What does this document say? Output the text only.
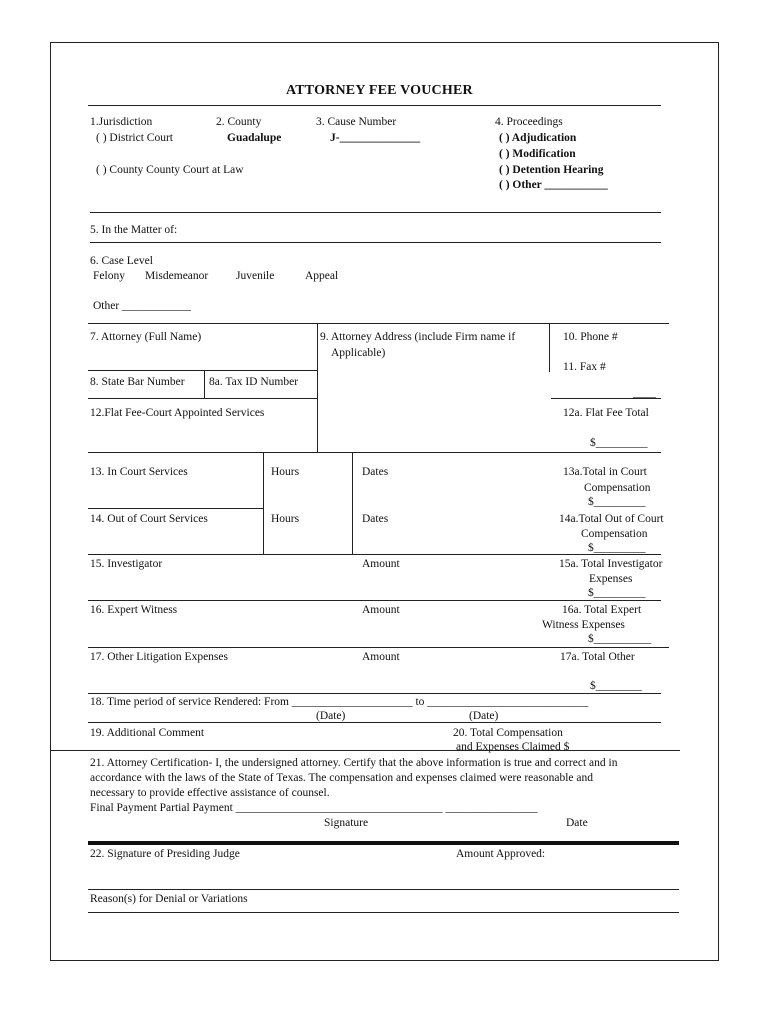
ATTORNEY FEE VOUCHER
1.Jurisdiction
( ) District Court
( ) County County Court at Law
2. County
Guadalupe
3. Cause Number
J-______________
4. Proceedings
( ) Adjudication
( ) Modification
( ) Detention Hearing
( ) Other ___________
5. In the Matter of:
6. Case Level
Felony Misdemeanor Juvenile	Appeal
Other ____________
7. Attorney (Full Name)	9. Attorney Address (include Firm name if
Applicable)
10. Phone #
11. Fax #
____
8. State Bar Number 8a. Tax ID Number
12.Flat Fee-Court Appointed Services	12a. Flat Fee Total
$_________
13. In Court Services	Hours	Dates	13a.Total in Court
Compensation
$_________
14. Out of Court Services	Hours	Dates	14a.Total Out of Court
Compensation
$_________
15. Investigator	Amount	15a. Total Investigator
Expenses
$_________
16. Expert Witness	Amount	16a. Total Expert
Witness Expenses
$__________
17. Other Litigation Expenses	Amount	17a. Total Other
$________
18. Time period of service Rendered: From _____________________ to ____________________________
(Date)	(Date)
19. Additional Comment	20. Total Compensation
and Expenses Claimed $
21. Attorney Certification- I, the undersigned attorney. Certify that the above information is true and correct and in
accordance with the laws of the State of Texas. The compensation and expenses claimed were reasonable and
necessary to provide effective assistance of counsel.
Final Payment Partial Payment ____________________________________ ________________
Signature	Date
22. Signature of Presiding Judge	Amount Approved:
Reason(s) for Denial or Variations
